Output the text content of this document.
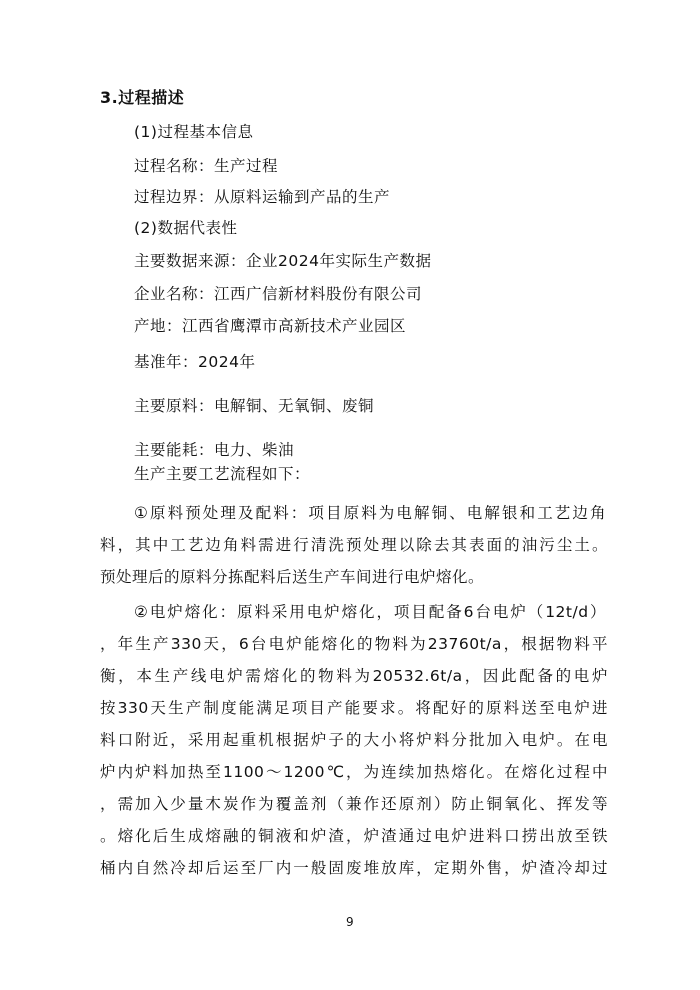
3.过程描述
(1)过程基本信息
过程名称：生产过程
过程边界：从原料运输到产品的生产
(2)数据代表性
主要数据来源：企业2024年实际生产数据
企业名称：江西广信新材料股份有限公司
产地：江西省鹰潭市高新技术产业园区
基准年：2024年
主要原料：电解铜、无氧铜、废铜
主要能耗：电力、柴油
生产主要工艺流程如下：
①原料预处理及配料：项目原料为电解铜、电解银和工艺边角
料，其中工艺边角料需进行清洗预处理以除去其表面的油污尘土。
预处理后的原料分拣配料后送生产车间进行电炉熔化。
②电炉熔化：原料采用电炉熔化，项目配备6台电炉（12t/d）
，年生产330天，6台电炉能熔化的物料为23760t/a，根据物料平
衡，本生产线电炉需熔化的物料为20532.6t/a，因此配备的电炉
按330天生产制度能满足项目产能要求。将配好的原料送至电炉进
料口附近，采用起重机根据炉子的大小将炉料分批加入电炉。在电
炉内炉料加热至1100～1200℃，为连续加热熔化。在熔化过程中
，需加入少量木炭作为覆盖剂（兼作还原剂）防止铜氧化、挥发等
。熔化后生成熔融的铜液和炉渣，炉渣通过电炉进料口捞出放至铁
桶内自然冷却后运至厂内一般固废堆放库，定期外售，炉渣冷却过
9
